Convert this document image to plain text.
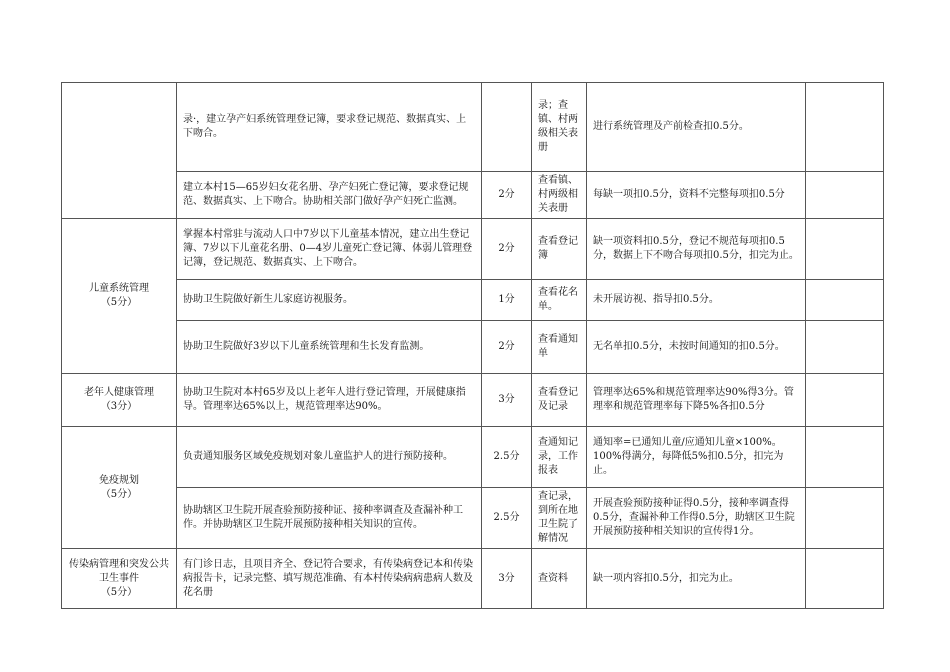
	录·，建立孕产妇系统管理登记簿，要求登记规范、数据真实、上下吻合。		录；查镇、村两级相关表册	进行系统管理及产前检查扣0.5分。	
	建立本村15—65岁妇女花名册、孕产妇死亡登记簿，要求登记规范、数据真实、上下吻合。协助相关部门做好孕产妇死亡监测。	2分	查看镇、村两级相关表册	每缺一项扣0.5分，资料不完整每项扣0.5分	

儿童系统管理
（5分）	掌握本村常驻与流动人口中7岁以下儿童基本情况，建立出生登记簿、7岁以下儿童花名册、0—4岁儿童死亡登记簿、体弱儿管理登记簿，登记规范、数据真实、上下吻合。	2分	查看登记簿	缺一项资料扣0.5分，登记不规范每项扣0.5分，数据上下不吻合每项扣0.5分，扣完为止。	
	协助卫生院做好新生儿家庭访视服务。	1分	查看花名单。	未开展访视、指导扣0.5分。	
	协助卫生院做好3岁以下儿童系统管理和生长发育监测。	2分	查看通知单	无名单扣0.5分，未按时间通知的扣0.5分。	

老年人健康管理
（3分）	协助卫生院对本村65岁及以上老年人进行登记管理，开展健康指导。管理率达65%以上，规范管理率达90%。	3分	查看登记及记录	管理率达65%和规范管理率达90%得3分。管理率和规范管理率每下降5%各扣0.5分	

免疫规划
（5分）	负责通知服务区域免疫规划对象儿童监护人的进行预防接种。	2.5分	查通知记录，工作报表	通知率=已通知儿童/应通知儿童×100%。100%得满分，每降低5%扣0.5分，扣完为止。	
	协助辖区卫生院开展查验预防接种证、接种率调查及查漏补种工作。并协助辖区卫生院开展预防接种相关知识的宣传。	2.5分	查记录，到所在地卫生院了解情况	开展查验预防接种证得0.5分，接种率调查得0.5分，查漏补种工作得0.5分，助辖区卫生院开展预防接种相关知识的宣传得1分。	

传染病管理和突发公共卫生事件
（5分）	有门诊日志，且项目齐全、登记符合要求，有传染病登记本和传染病报告卡，记录完整、填写规范准确、有本村传染病病患病人数及花名册	3分	查资料	缺一项内容扣0.5分，扣完为止。	
